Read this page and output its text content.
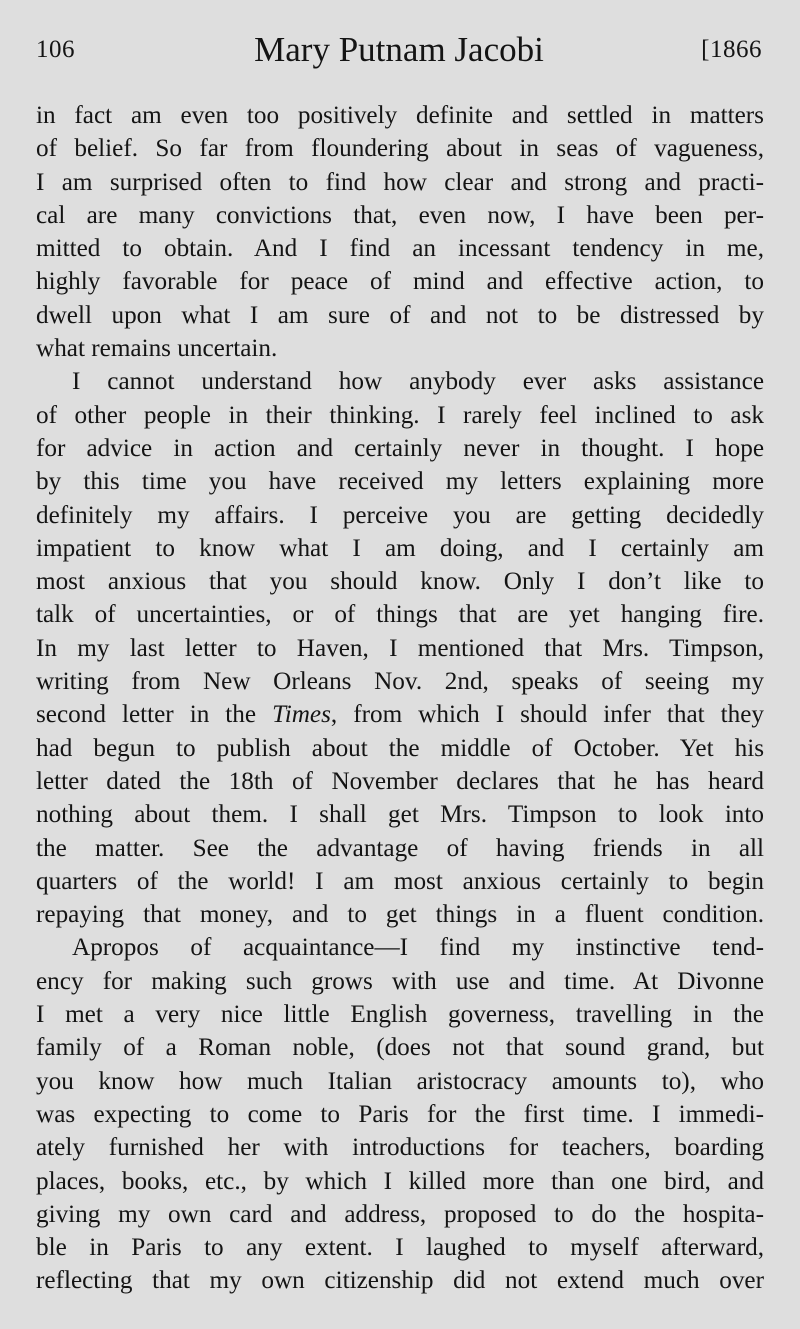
106	Mary Putnam Jacobi	[1866
in fact am even too positively definite and settled in matters
of belief. So far from floundering about in seas of vagueness,
I am surprised often to find how clear and strong and practi-
cal are many convictions that, even now, I have been per-
mitted to obtain. And I find an incessant tendency in me,
highly favorable for peace of mind and effective action, to
dwell upon what I am sure of and not to be distressed by
what remains uncertain.
I cannot understand how anybody ever asks assistance
of other people in their thinking. I rarely feel inclined to ask
for advice in action and certainly never in thought. I hope
by this time you have received my letters explaining more
definitely my affairs. I perceive you are getting decidedly
impatient to know what I am doing, and I certainly am
most anxious that you should know. Only I don’t like to
talk of uncertainties, or of things that are yet hanging fire.
In my last letter to Haven, I mentioned that Mrs. Timpson,
writing from New Orleans Nov. 2nd, speaks of seeing my
second letter in the Times, from which I should infer that they
had begun to publish about the middle of October. Yet his
letter dated the 18th of November declares that he has heard
nothing about them. I shall get Mrs. Timpson to look into
the matter. See the advantage of having friends in all
quarters of the world! I am most anxious certainly to begin
repaying that money, and to get things in a fluent condition.
Apropos of acquaintance—I find my instinctive tend-
ency for making such grows with use and time. At Divonne
I met a very nice little English governess, travelling in the
family of a Roman noble, (does not that sound grand, but
you know how much Italian aristocracy amounts to), who
was expecting to come to Paris for the first time. I immedi-
ately furnished her with introductions for teachers, boarding
places, books, etc., by which I killed more than one bird, and
giving my own card and address, proposed to do the hospita-
ble in Paris to any extent. I laughed to myself afterward,
reflecting that my own citizenship did not extend much over
